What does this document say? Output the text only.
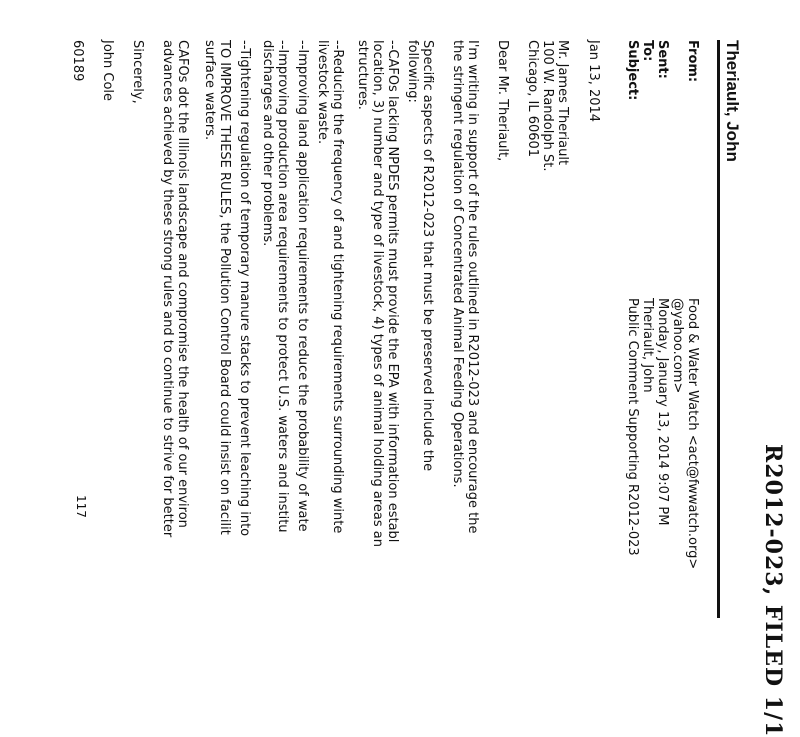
R2012-023, FILED 1/1
Theriault, John
From:
Food & Water Watch <act@fwwatch.org>
@yahoo.com>
Sent:
Monday, January 13, 2014 9:07 PM
To:
Theriault, John
Subject:
Public Comment Supporting R2012-023
Jan 13, 2014
Mr. James Theriault
100 W. Randolph St.
Chicago, IL 60601
Dear Mr. Theriault,
I'm writing in support of the rules outlined in R2012-023 and encourage the
the stringent regulation of Concentrated Animal Feeding Operations.
Specific aspects of R2012-023 that must be preserved include the
following:
--CAFOs lacking NPDES permits must provide the EPA with information establ
location, 3) number and type of livestock, 4) types of animal holding areas an
structures.
--Reducing the frequency of and tightening requirements surrounding winte
livestock waste.
--Improving land application requirements to reduce the probability of wate
--Improving production area requirements to protect U.S. waters and institu
discharges and other problems.
--Tightening regulation of temporary manure stacks to prevent leaching into
TO IMPROVE THESE RULES, the Pollution Control Board could insist on facilit
surface waters.
CAFOs dot the Illinois landscape and compromise the health of our environ
advances achieved by these strong rules and to continue to strive for better
Sincerely,
John Cole
60189
117
